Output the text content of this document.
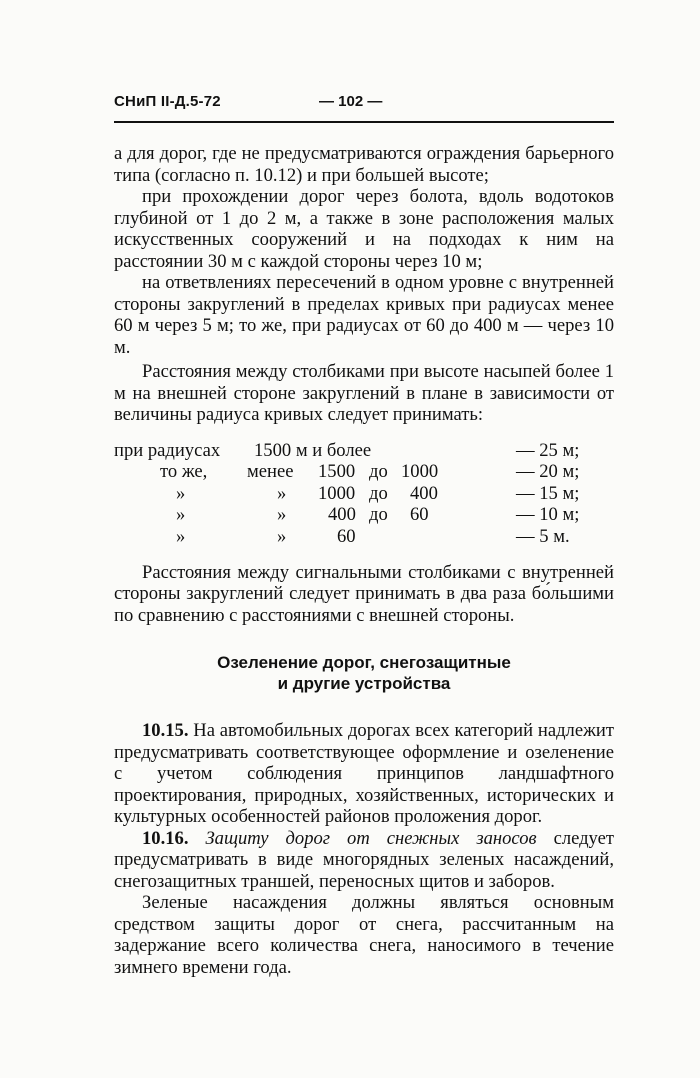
СНиП II-Д.5-72	— 102 —

а для дорог, где не предусматриваются ограждения барьерного типа (согласно п. 10.12) и при большей высоте;

при прохождении дорог через болота, вдоль водотоков глубиной от 1 до 2 м, а также в зоне расположения малых искусственных сооружений и на подходах к ним на расстоянии 30 м с каждой стороны через 10 м;

на ответвлениях пересечений в одном уровне с внутренней стороны закруглений в пределах кривых при радиусах менее 60 м через 5 м; то же, при радиусах от 60 до 400 м — через 10 м.

Расстояния между столбиками при высоте насыпей более 1 м на внешней стороне закруглений в плане в зависимости от величины радиуса кривых следует принимать:

при радиусах 1500 м и более	— 25 м;
то же, менее 1500 до 1000	— 20 м;
»	» 1000 до 400	— 15 м;
»	» 400 до 60	— 10 м;
»	»	60	— 5 м.

Расстояния между сигнальными столбиками с внутренней стороны закруглений следует принимать в два раза бо́льшими по сравнению с расстояниями с внешней стороны.

Озеленение дорог, снегозащитные
и другие устройства

10.15. На автомобильных дорогах всех категорий надлежит предусматривать соответствующее оформление и озеленение с учетом соблюдения принципов ландшафтного проектирования, природных, хозяйственных, исторических и культурных особенностей районов проложения дорог.

10.16. Защиту дорог от снежных заносов следует предусматривать в виде многорядных зеленых насаждений, снегозащитных траншей, переносных щитов и заборов.

Зеленые насаждения должны являться основным средством защиты дорог от снега, рассчитанным на задержание всего количества снега, наносимого в течение зимнего времени года.
